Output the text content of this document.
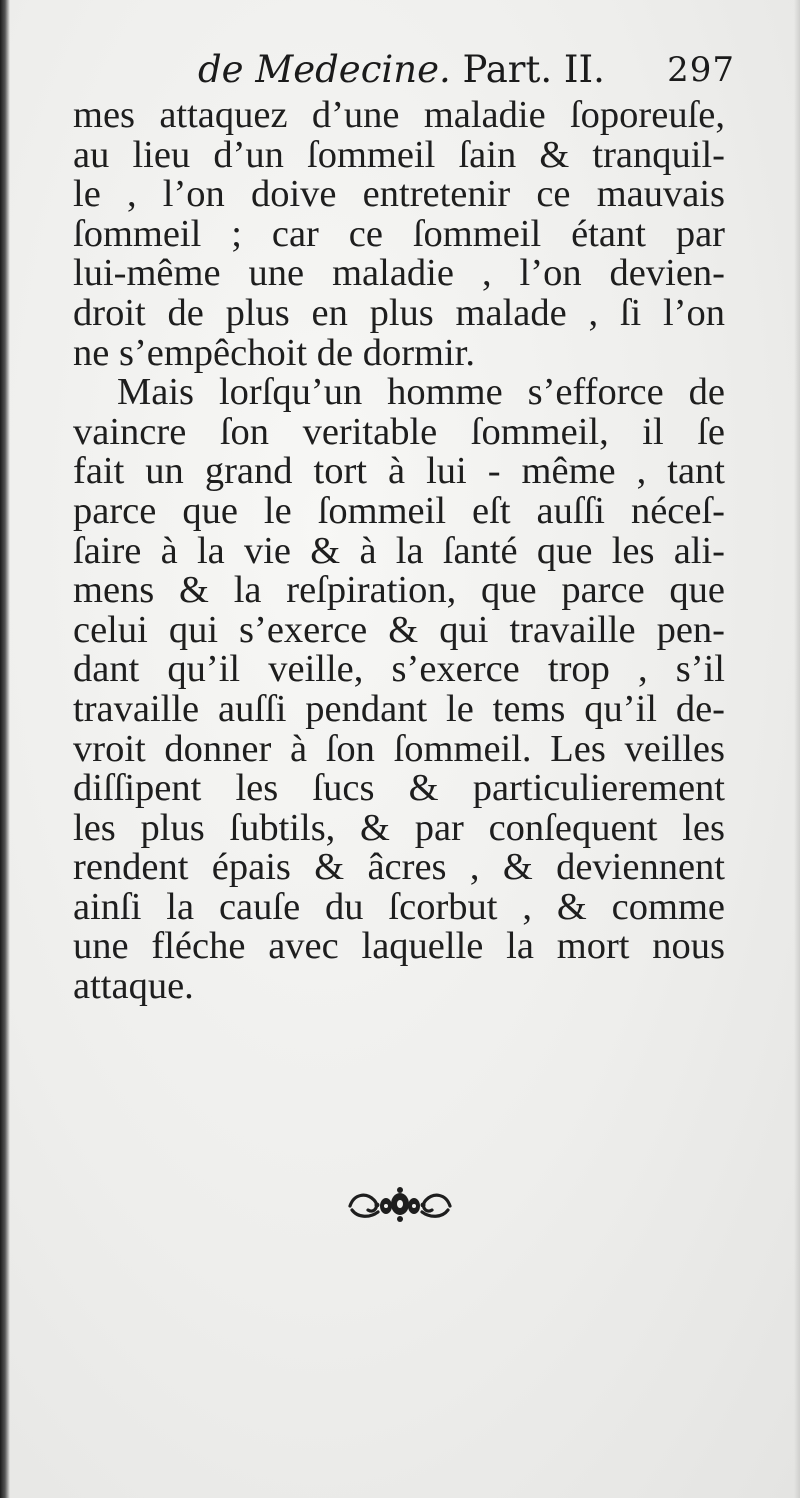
de Medecine. Part. II. 297
mes attaquez d’une maladie ſoporeuſe,
au lieu d’un ſommeil ſain & tranquil-
le , l’on doive entretenir ce mauvais
ſommeil ; car ce ſommeil étant par
lui-même une maladie , l’on devien-
droit de plus en plus malade , ſi l’on
ne s’empêchoit de dormir.
Mais lorſqu’un homme s’efforce de
vaincre ſon veritable ſommeil, il ſe
fait un grand tort à lui - même , tant
parce que le ſommeil eſt auſſi néceſ-
ſaire à la vie & à la ſanté que les ali-
mens & la reſpiration, que parce que
celui qui s’exerce & qui travaille pen-
dant qu’il veille, s’exerce trop , s’il
travaille auſſi pendant le tems qu’il de-
vroit donner à ſon ſommeil. Les veilles
diſſipent les ſucs & particulierement
les plus ſubtils, & par conſequent les
rendent épais & âcres , & deviennent
ainſi la cauſe du ſcorbut , & comme
une fléche avec laquelle la mort nous
attaque.
